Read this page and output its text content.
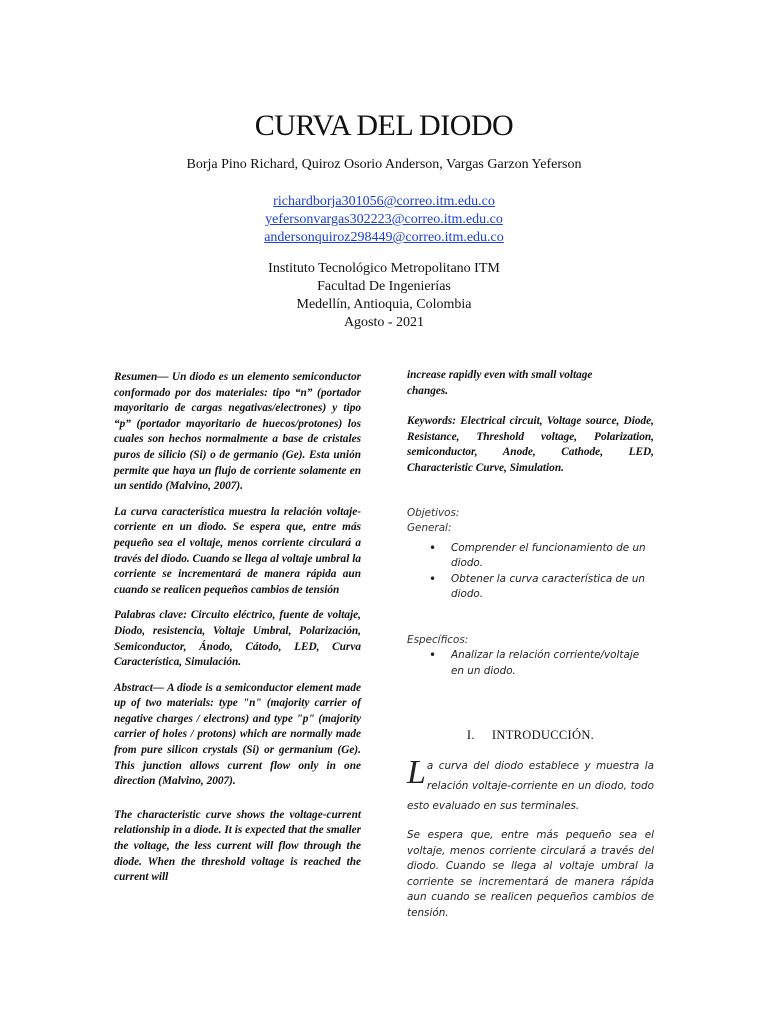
CURVA DEL DIODO
Borja Pino Richard, Quiroz Osorio Anderson, Vargas Garzon Yeferson
richardborja301056@correo.itm.edu.co
yefersonvargas302223@correo.itm.edu.co
andersonquiroz298449@correo.itm.edu.co
Instituto Tecnológico Metropolitano ITM
Facultad De Ingenierías
Medellín, Antioquia, Colombia
Agosto - 2021

Resumen— Un diodo es un elemento semiconductor conformado por dos materiales: tipo “n” (portador mayoritario de cargas negativas/electrones) y tipo “p” (portador mayoritario de huecos/protones) los cuales son hechos normalmente a base de cristales puros de silicio (Si) o de germanio (Ge). Esta unión permite que haya un flujo de corriente solamente en un sentido (Malvino, 2007).

La curva característica muestra la relación voltaje-corriente en un diodo. Se espera que, entre más pequeño sea el voltaje, menos corriente circulará a través del diodo. Cuando se llega al voltaje umbral la corriente se incrementará de manera rápida aun cuando se realicen pequeños cambios de tensión

Palabras clave: Circuito eléctrico, fuente de voltaje, Diodo, resistencia, Voltaje Umbral, Polarización, Semiconductor, Ánodo, Cátodo, LED, Curva Característica, Simulación.

Abstract— A diode is a semiconductor element made up of two materials: type "n" (majority carrier of negative charges / electrons) and type "p" (majority carrier of holes / protons) which are normally made from pure silicon crystals (Si) or germanium (Ge). This junction allows current flow only in one direction (Malvino, 2007).

The characteristic curve shows the voltage-current relationship in a diode. It is expected that the smaller the voltage, the less current will flow through the diode. When the threshold voltage is reached the current will

increase rapidly even with small voltage changes.

Keywords: Electrical circuit, Voltage source, Diode, Resistance, Threshold voltage, Polarization, semiconductor, Anode, Cathode, LED, Characteristic Curve, Simulation.

Objetivos:
General:
• Comprender el funcionamiento de un diodo.
• Obtener la curva característica de un diodo.
Específicos:
• Analizar la relación corriente/voltaje en un diodo.
I.     INTRODUCCIÓN.

La curva del diodo establece y muestra la relación voltaje-corriente en un diodo, todo esto evaluado en sus terminales.

Se espera que, entre más pequeño sea el voltaje, menos corriente circulará a través del diodo. Cuando se llega al voltaje umbral la corriente se incrementará de manera rápida aun cuando se realicen pequeños cambios de tensión.
